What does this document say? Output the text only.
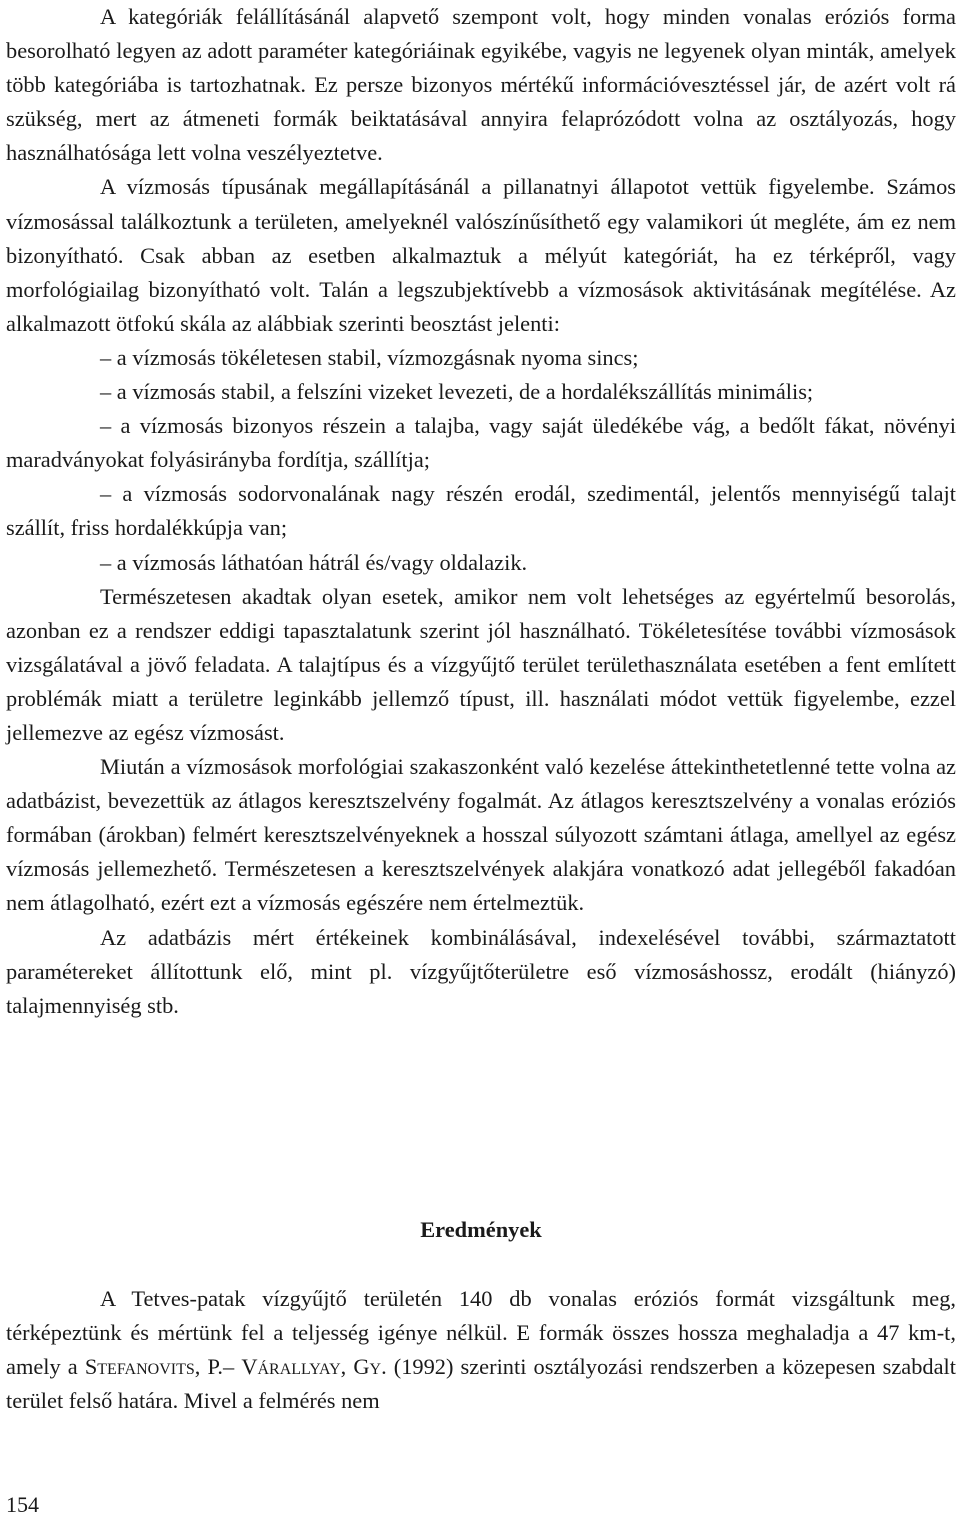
A kategóriák felállításánál alapvető szempont volt, hogy minden vonalas eróziós forma besorolható legyen az adott paraméter kategóriáinak egyikébe, vagyis ne legyenek olyan minták, amelyek több kategóriába is tartozhatnak. Ez persze bizonyos mértékű információvesztéssel jár, de azért volt rá szükség, mert az átmeneti formák beiktatásával annyira felaprózódott volna az osztályozás, hogy használhatósága lett volna veszélyeztetve.

A vízmosás típusának megállapításánál a pillanatnyi állapotot vettük figyelembe. Számos vízmosással találkoztunk a területen, amelyeknél valószínűsíthető egy valamikori út megléte, ám ez nem bizonyítható. Csak abban az esetben alkalmaztuk a mélyút kategóriát, ha ez térképről, vagy morfológiailag bizonyítható volt. Talán a legszubjektívebb a vízmosások aktivitásának megítélése. Az alkalmazott ötfokú skála az alábbiak szerinti beosztást jelenti:

– a vízmosás tökéletesen stabil, vízmozgásnak nyoma sincs;

– a vízmosás stabil, a felszíni vizeket levezeti, de a hordalékszállítás minimális;

– a vízmosás bizonyos részein a talajba, vagy saját üledékébe vág, a bedőlt fákat, növényi maradványokat folyásirányba fordítja, szállítja;

– a vízmosás sodorvonalának nagy részén erodál, szedimentál, jelentős mennyiségű talajt szállít, friss hordalékkúpja van;

– a vízmosás láthatóan hátrál és/vagy oldalazik.

Természetesen akadtak olyan esetek, amikor nem volt lehetséges az egyértelmű besorolás, azonban ez a rendszer eddigi tapasztalatunk szerint jól használható. Tökéletesítése további vízmosások vizsgálatával a jövő feladata. A talajtípus és a vízgyűjtő terület területhasználata esetében a fent említett problémák miatt a területre leginkább jellemző típust, ill. használati módot vettük figyelembe, ezzel jellemezve az egész vízmosást.

Miután a vízmosások morfológiai szakaszonként való kezelése áttekinthetetlenné tette volna az adatbázist, bevezettük az átlagos keresztszelvény fogalmát. Az átlagos keresztszelvény a vonalas eróziós formában (árokban) felmért keresztszelvényeknek a hosszal súlyozott számtani átlaga, amellyel az egész vízmosás jellemezhető. Természetesen a keresztszelvények alakjára vonatkozó adat jellegéből fakadóan nem átlagolható, ezért ezt a vízmosás egészére nem értelmeztük.

Az adatbázis mért értékeinek kombinálásával, indexelésével további, származtatott paramétereket állítottunk elő, mint pl. vízgyűjtőterületre eső vízmosáshossz, erodált (hiányzó) talajmennyiség stb.

Eredmények

A Tetves-patak vízgyűjtő területén 140 db vonalas eróziós formát vizsgáltunk meg, térképeztünk és mértünk fel a teljesség igénye nélkül. E formák összes hossza meghaladja a 47 km-t, amely a Stefanovits, P.– Várallyay, Gy. (1992) szerinti osztályozási rendszerben a közepesen szabdalt terület felső határa. Mivel a felmérés nem

154
